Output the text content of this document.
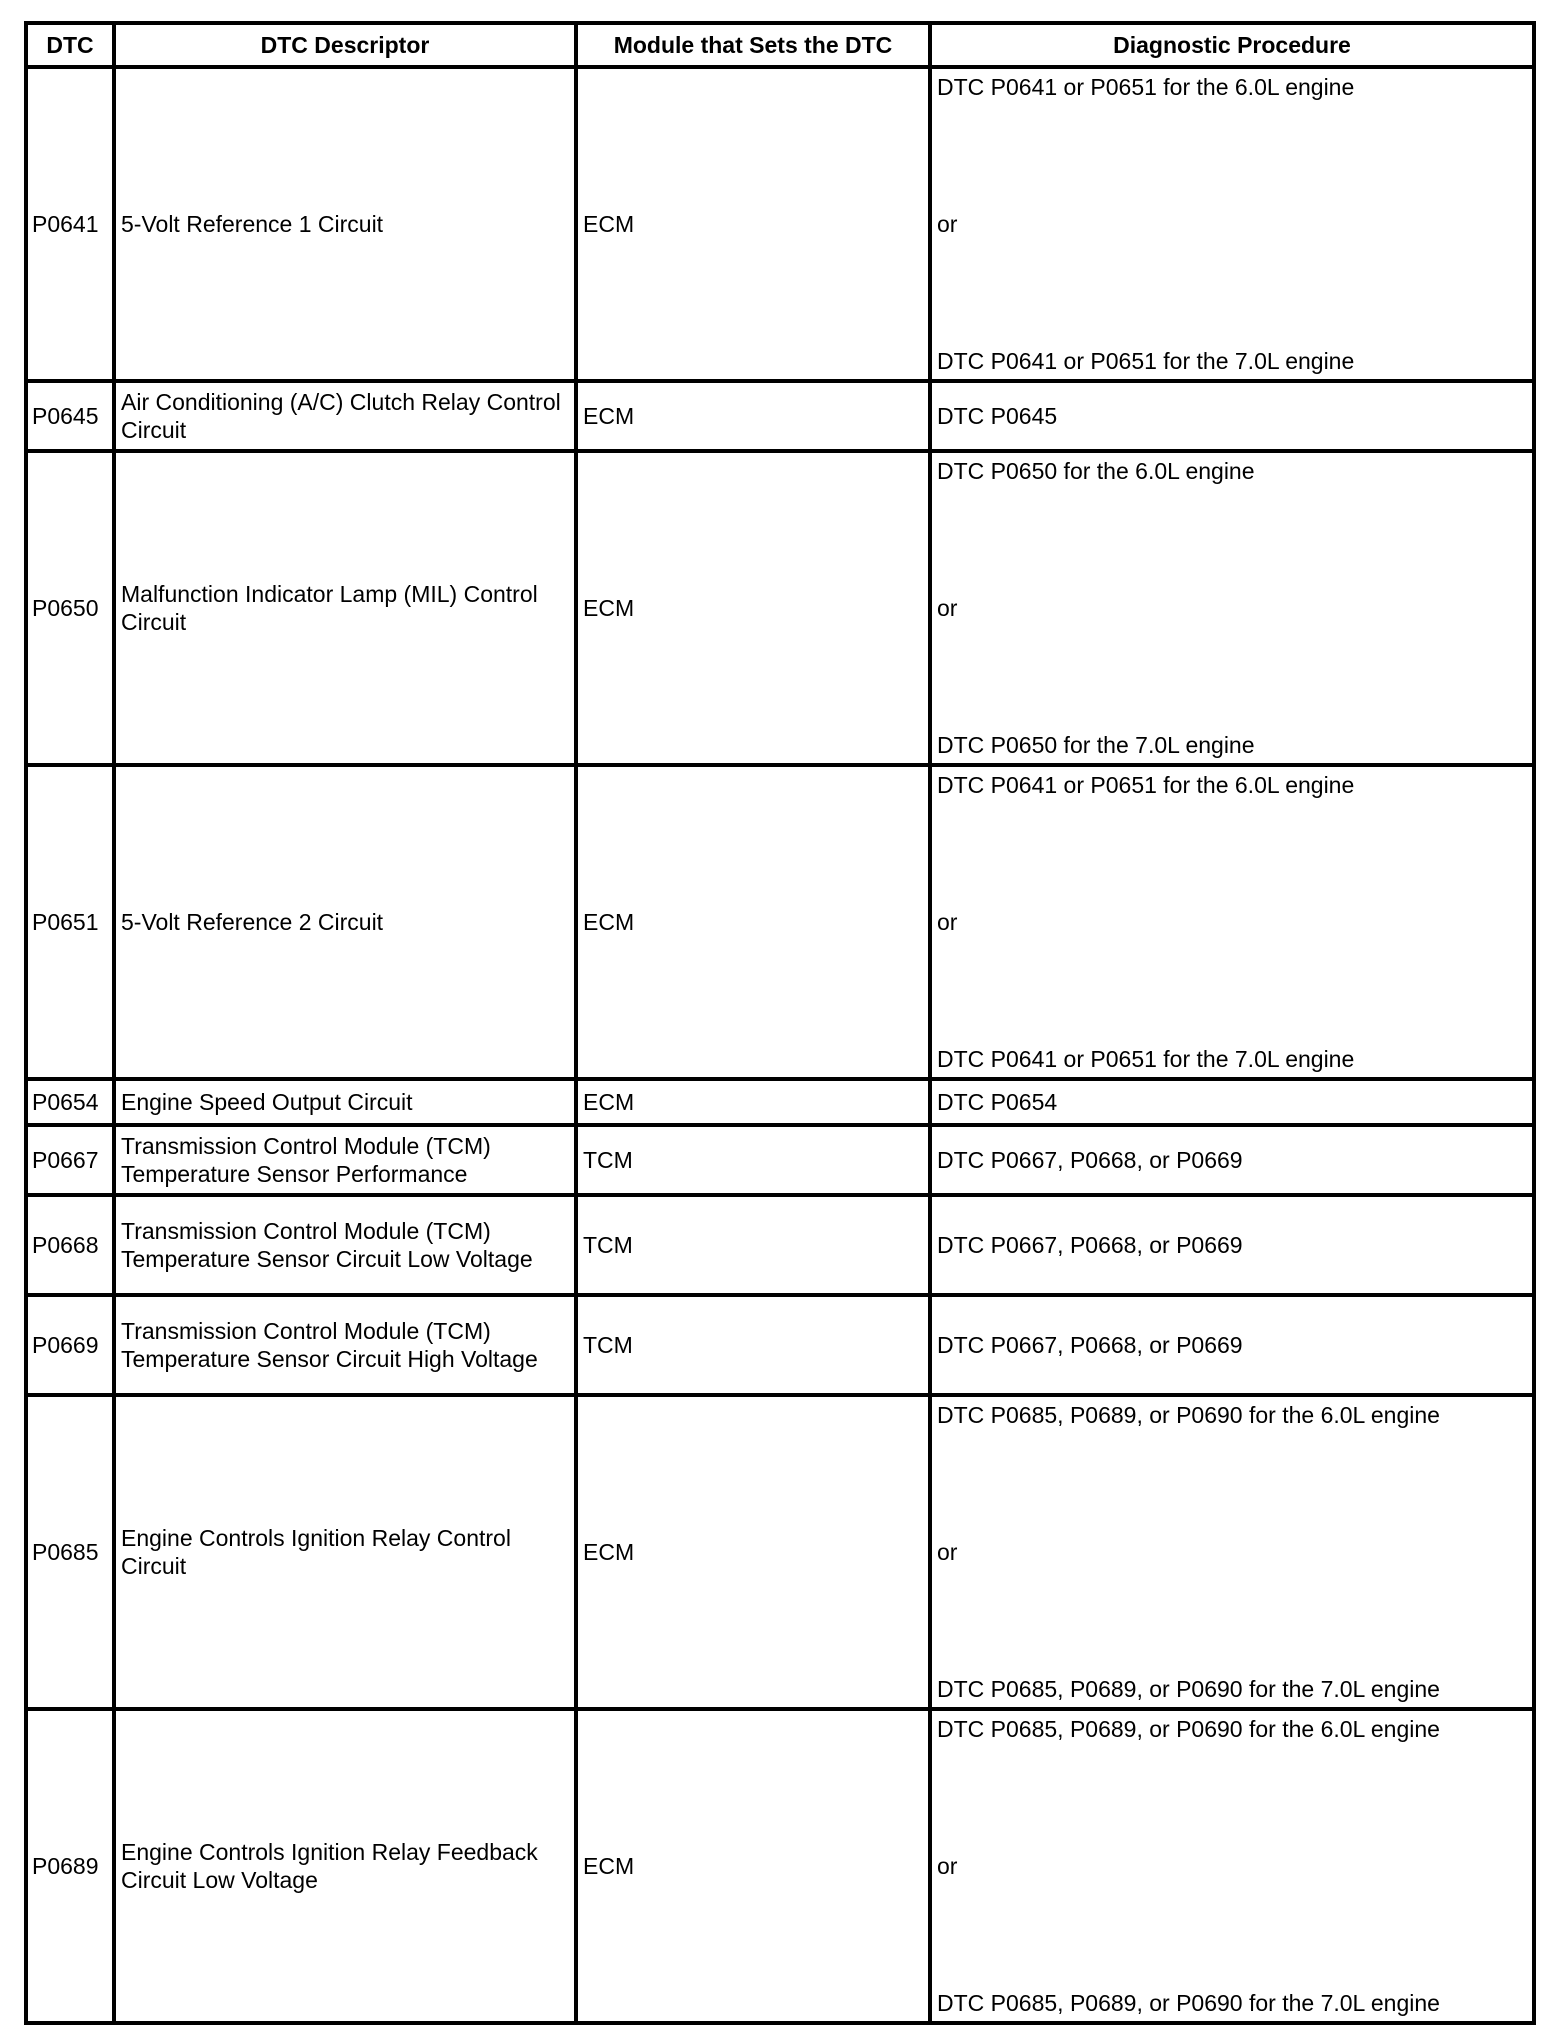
DTC	DTC Descriptor	Module that Sets the DTC	Diagnostic Procedure
P0641	5-Volt Reference 1 Circuit	ECM	DTC P0641 or P0651 for the 6.0L engine
or
DTC P0641 or P0651 for the 7.0L engine

P0645	Air Conditioning (A/C) Clutch Relay Control Circuit	ECM	DTC P0645
P0650	Malfunction Indicator Lamp (MIL) Control Circuit	ECM	DTC P0650 for the 6.0L engine
or
DTC P0650 for the 7.0L engine

P0651	5-Volt Reference 2 Circuit	ECM	DTC P0641 or P0651 for the 6.0L engine
or
DTC P0641 or P0651 for the 7.0L engine

P0654	Engine Speed Output Circuit	ECM	DTC P0654
P0667	Transmission Control Module (TCM) Temperature Sensor Performance	TCM	DTC P0667, P0668, or P0669
P0668	Transmission Control Module (TCM) Temperature Sensor Circuit Low Voltage	TCM	DTC P0667, P0668, or P0669
P0669	Transmission Control Module (TCM) Temperature Sensor Circuit High Voltage	TCM	DTC P0667, P0668, or P0669
P0685	Engine Controls Ignition Relay Control Circuit	ECM	DTC P0685, P0689, or P0690 for the 6.0L engine
or
DTC P0685, P0689, or P0690 for the 7.0L engine

P0689	Engine Controls Ignition Relay Feedback Circuit Low Voltage	ECM	DTC P0685, P0689, or P0690 for the 6.0L engine
or
DTC P0685, P0689, or P0690 for the 7.0L engine
